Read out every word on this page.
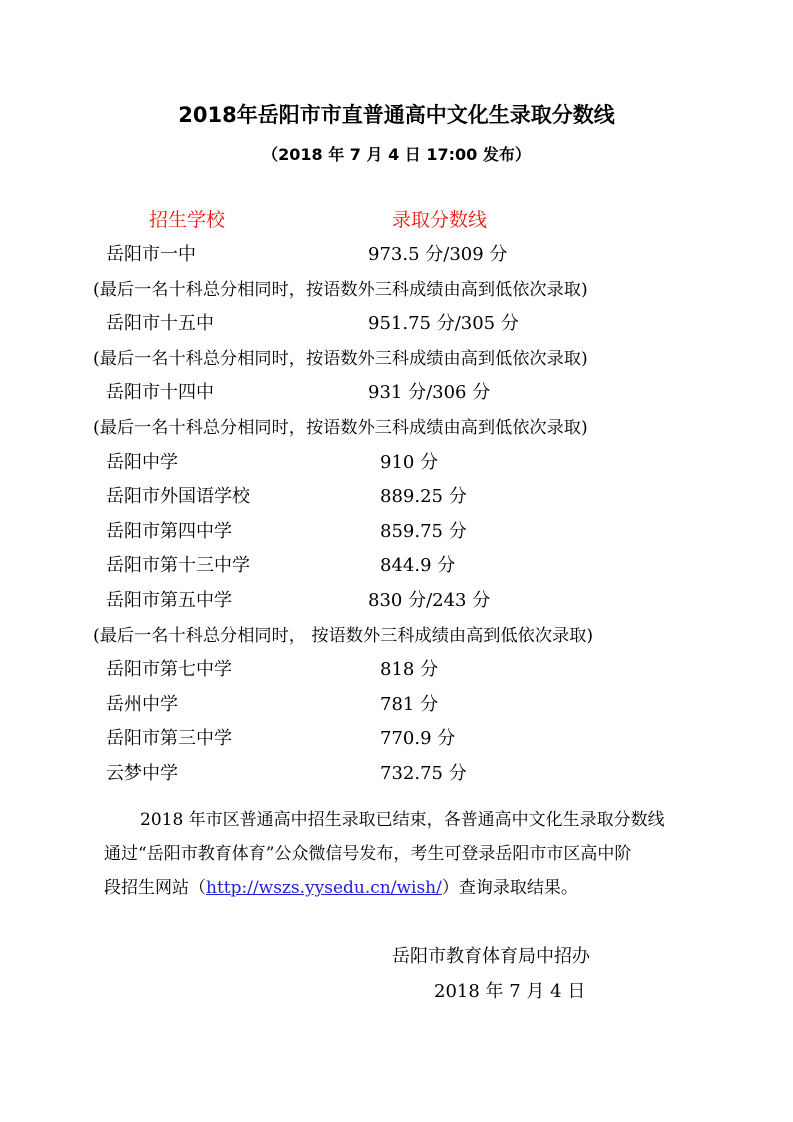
2018年岳阳市市直普通高中文化生录取分数线
（2018 年 7 月 4 日 17:00 发布）
招生学校	录取分数线
岳阳市一中	973.5 分/309 分
(最后一名十科总分相同时，按语数外三科成绩由高到低依次录取)
岳阳市十五中	951.75 分/305 分
(最后一名十科总分相同时，按语数外三科成绩由高到低依次录取)
岳阳市十四中	931 分/306 分
(最后一名十科总分相同时，按语数外三科成绩由高到低依次录取)
岳阳中学	910 分
岳阳市外国语学校	889.25 分
岳阳市第四中学	859.75 分
岳阳市第十三中学	844.9 分
岳阳市第五中学	830 分/243 分
(最后一名十科总分相同时， 按语数外三科成绩由高到低依次录取)
岳阳市第七中学	818 分
岳州中学	781 分
岳阳市第三中学	770.9 分
云梦中学	732.75 分
2018 年市区普通高中招生录取已结束，各普通高中文化生录取分数线
通过“岳阳市教育体育”公众微信号发布，考生可登录岳阳市市区高中阶
段招生网站（http://wszs.yysedu.cn/wish/）查询录取结果。
岳阳市教育体育局中招办
2018 年 7 月 4 日
